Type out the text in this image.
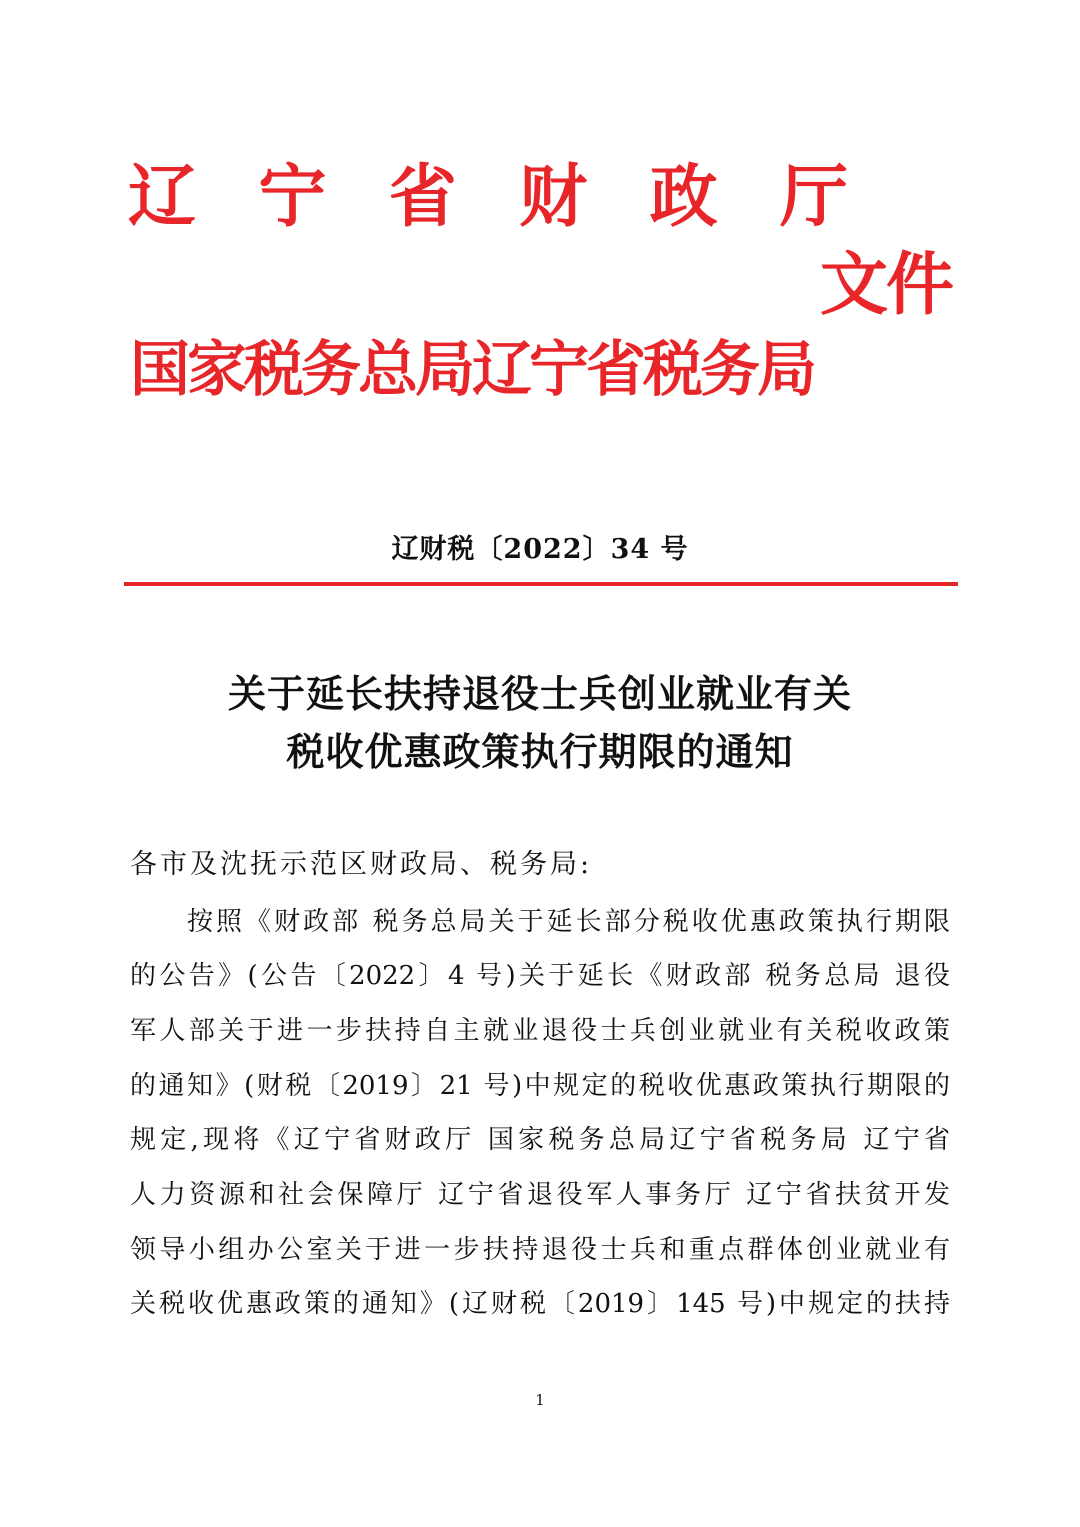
辽 宁 省 财 政 厅
文件
国家税务总局辽宁省税务局
辽财税〔2022〕34 号
关于延长扶持退役士兵创业就业有关
税收优惠政策执行期限的通知
各市及沈抚示范区财政局、税务局:
按照《财政部 税务总局关于延长部分税收优惠政策执行期限
的公告》(公告〔2022〕4 号)关于延长《财政部 税务总局 退役
军人部关于进一步扶持自主就业退役士兵创业就业有关税收政策
的通知》(财税〔2019〕21 号)中规定的税收优惠政策执行期限的
规定,现将《辽宁省财政厅 国家税务总局辽宁省税务局 辽宁省
人力资源和社会保障厅 辽宁省退役军人事务厅 辽宁省扶贫开发
领导小组办公室关于进一步扶持退役士兵和重点群体创业就业有
关税收优惠政策的通知》(辽财税〔2019〕145 号)中规定的扶持
1
